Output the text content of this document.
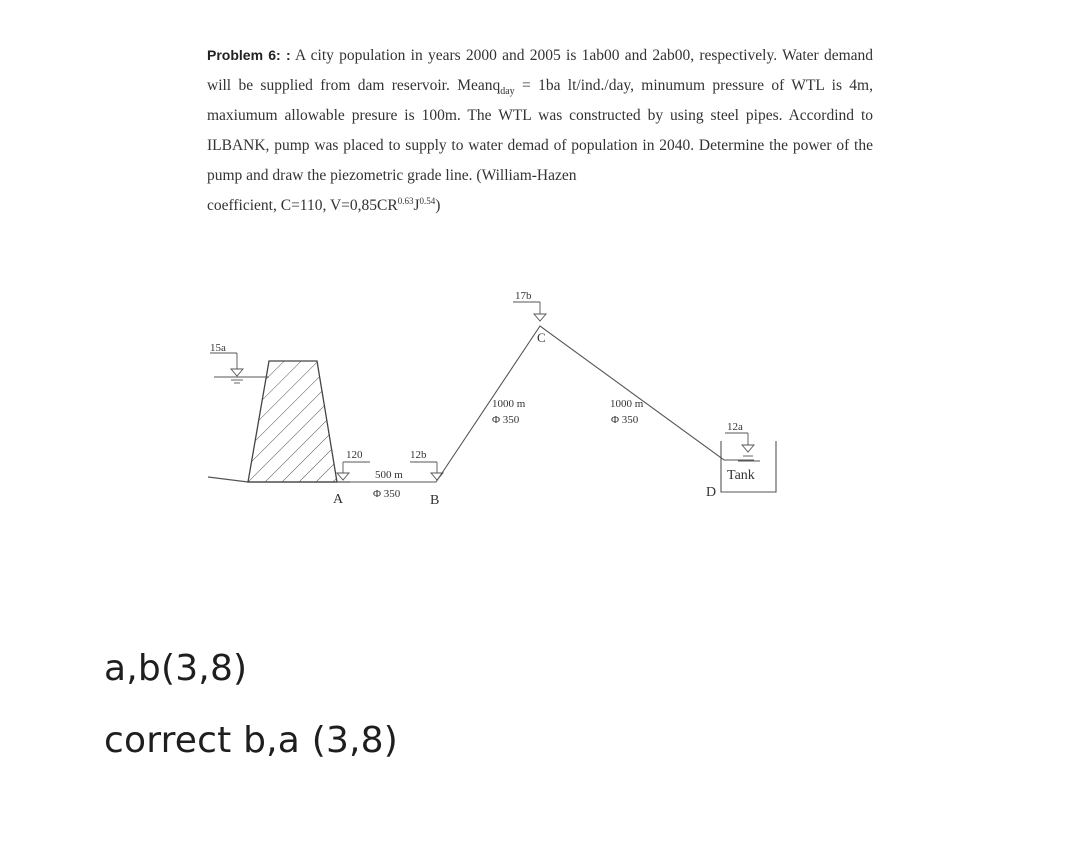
Problem 6: : A city population in years 2000 and 2005 is 1ab00 and 2ab00, respectively. Water demand will be supplied from dam reservoir. Meanq$_{day}$ = 1ba lt/ind./day, minumum pressure of WTL is 4m, maxiumum allowable presure is 100m. The WTL was constructed by using steel pipes. Accordind to ILBANK, pump was placed to supply to water demad of population in 2040. Determine the power of the pump and draw the piezometric grade line. (William-Hazen
coefficient, C=110, $V=0,85CR^{0.63}J^{0.54}$)
15a
120	12b
17b
A	B
C
D
500 m
Φ 350
1000 m
Φ 350
1000 m
Φ 350
12a
Tank
a,b(3,8)
correct b,a (3,8)
